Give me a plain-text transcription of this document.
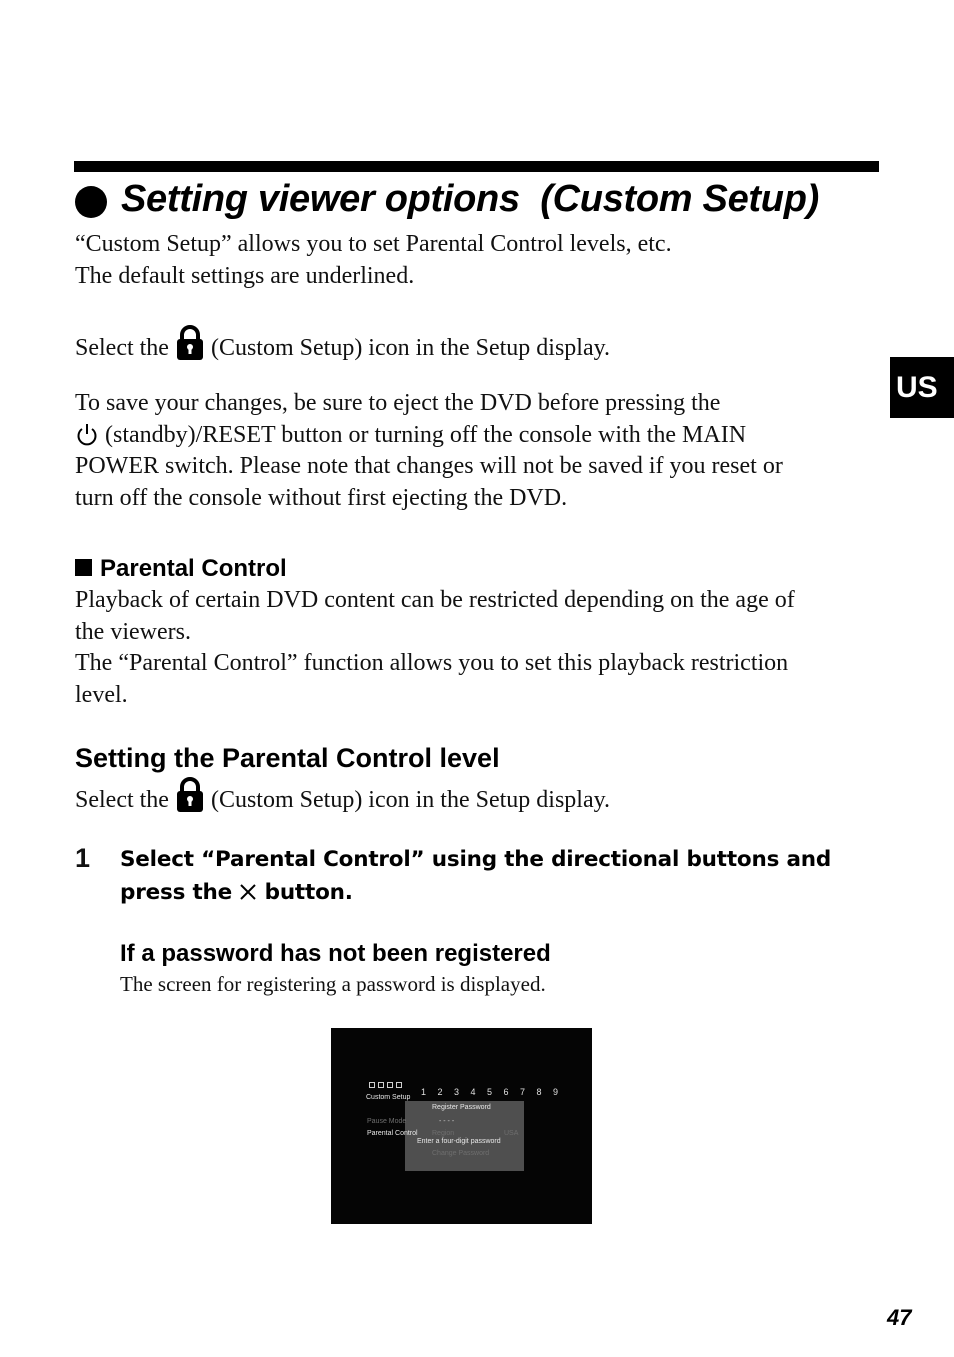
Setting viewer options  (Custom Setup)
“Custom Setup” allows you to set Parental Control levels, etc.
The default settings are underlined.
Select the (Custom Setup) icon in the Setup display.
To save your changes, be sure to eject the DVD before pressing the
(standby)/RESET button or turning off the console with the MAIN
POWER switch. Please note that changes will not be saved if you reset or
turn off the console without first ejecting the DVD.
US
Parental Control
Playback of certain DVD content can be restricted depending on the age of
the viewers.
The “Parental Control” function allows you to set this playback restriction
level.
Setting the Parental Control level
Select the (Custom Setup) icon in the Setup display.
1 Select “Parental Control” using the directional buttons and
press the button.
If a password has not been registered
The screen for registering a password is displayed.
Custom Setup
1 2 3 4 5 6 7 8 9
Register Password
Pause Mode
Parental Control
- - - -
Region	USA
Enter a four-digit password
Change Password
47
